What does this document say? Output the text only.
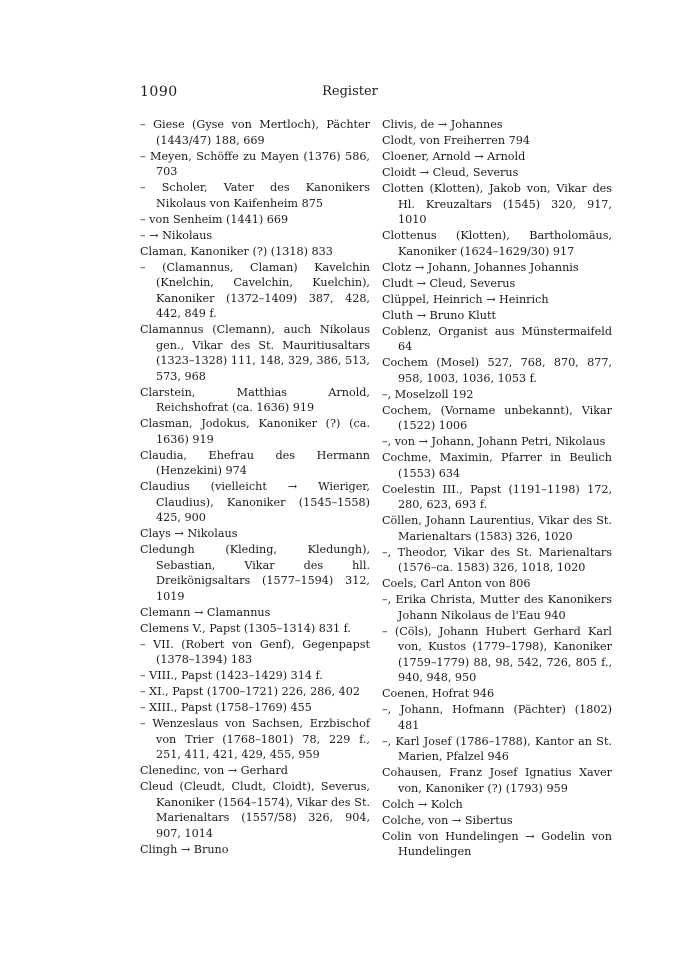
1090	Register

– Giese (Gyse von Mertloch), Pächter (1443/47) 188, 669

– Meyen, Schöffe zu Mayen (1376) 586, 703

– Scholer, Vater des Kanonikers Nikolaus von Kaifenheim 875

– von Senheim (1441) 669

– → Nikolaus

Claman, Kanoniker (?) (1318) 833

– (Clamannus, Claman) Kavelchin (Knelchin, Cavelchin, Kuelchin), Kanoniker (1372–1409) 387, 428, 442, 849 f.

Clamannus (Clemann), auch Nikolaus gen., Vikar des St. Mauritiusaltars (1323–1328) 111, 148, 329, 386, 513, 573, 968

Clarstein, Matthias Arnold, Reichshofrat (ca. 1636) 919

Clasman, Jodokus, Kanoniker (?) (ca. 1636) 919

Claudia, Ehefrau des Hermann (Henzekini) 974

Claudius (vielleicht → Wieriger, Claudius), Kanoniker (1545–1558) 425, 900

Clays → Nikolaus

Cledungh (Kleding, Kledungh), Sebastian, Vikar des hll. Dreikönigsaltars (1577–1594) 312, 1019

Clemann → Clamannus

Clemens V., Papst (1305–1314) 831 f.

– VII. (Robert von Genf), Gegenpapst (1378–1394) 183

– VIII., Papst (1423–1429) 314 f.

– XI., Papst (1700–1721) 226, 286, 402

– XIII., Papst (1758–1769) 455

– Wenzeslaus von Sachsen, Erzbischof von Trier (1768–1801) 78, 229 f., 251, 411, 421, 429, 455, 959

Clenedinc, von → Gerhard

Cleud (Cleudt, Cludt, Cloidt), Severus, Kanoniker (1564–1574), Vikar des St. Marienaltars (1557/58) 326, 904, 907, 1014

Clingh → Bruno

Clivis, de → Johannes

Clodt, von Freiherren 794

Cloener, Arnold → Arnold

Cloidt → Cleud, Severus

Clotten (Klotten), Jakob von, Vikar des Hl. Kreuzaltars (1545) 320, 917, 1010

Clottenus (Klotten), Bartholomäus, Kanoniker (1624–1629/30) 917

Clotz → Johann, Johannes Johannis

Cludt → Cleud, Severus

Clüppel, Heinrich → Heinrich

Cluth → Bruno Klutt

Coblenz, Organist aus Münstermaifeld 64

Cochem (Mosel) 527, 768, 870, 877, 958, 1003, 1036, 1053 f.

–, Moselzoll 192

Cochem, (Vorname unbekannt), Vikar (1522) 1006

–, von → Johann, Johann Petri, Nikolaus

Cochme, Maximin, Pfarrer in Beulich (1553) 634

Coelestin III., Papst (1191–1198) 172, 280, 623, 693 f.

Cöllen, Johann Laurentius, Vikar des St. Marienaltars (1583) 326, 1020

–, Theodor, Vikar des St. Marienaltars (1576–ca. 1583) 326, 1018, 1020

Coels, Carl Anton von 806

–, Erika Christa, Mutter des Kanonikers Johann Nikolaus de l'Eau 940

– (Cöls), Johann Hubert Gerhard Karl von, Kustos (1779–1798), Kanoniker (1759–1779) 88, 98, 542, 726, 805 f., 940, 948, 950

Coenen, Hofrat 946

–, Johann, Hofmann (Pächter) (1802) 481

–, Karl Josef (1786–1788), Kantor an St. Marien, Pfalzel 946

Cohausen, Franz Josef Ignatius Xaver von, Kanoniker (?) (1793) 959

Colch → Kolch

Colche, von → Sibertus

Colin von Hundelingen → Godelin von Hundelingen
